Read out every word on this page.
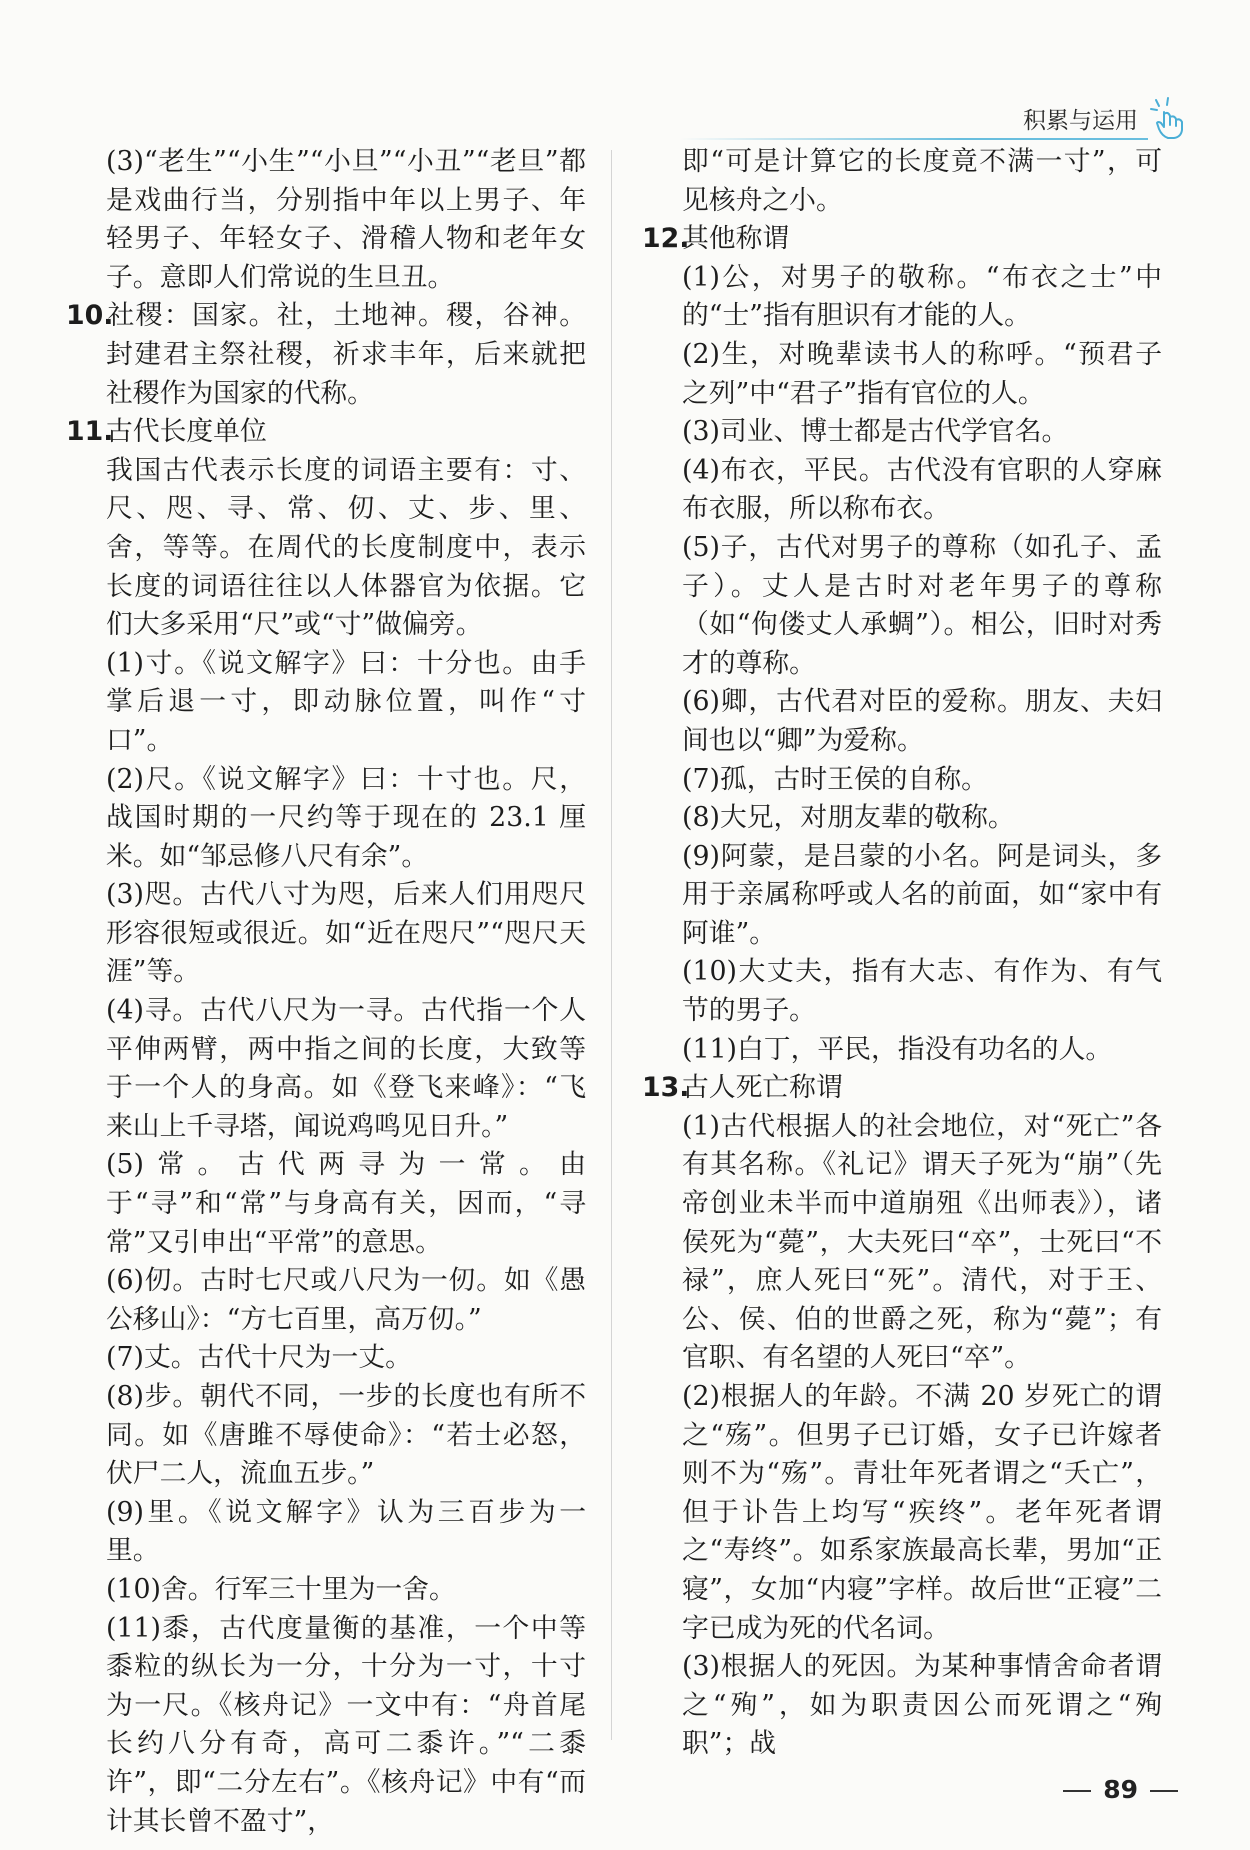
积累与运用

(3)“老生”“小生”“小旦”“小丑”“老旦”都是戏曲行当，分别指中年以上男子、年轻男子、年轻女子、滑稽人物和老年女子。意即人们常说的生旦丑。

10.社稷：国家。社，土地神。稷，谷神。封建君主祭社稷，祈求丰年，后来就把社稷作为国家的代称。

11.古代长度单位

我国古代表示长度的词语主要有：寸、尺、咫、寻、常、仞、丈、步、里、舍，等等。在周代的长度制度中，表示长度的词语往往以人体器官为依据。它们大多采用“尺”或“寸”做偏旁。

(1)寸。《说文解字》曰：十分也。由手掌后退一寸，即动脉位置，叫作“寸口”。

(2)尺。《说文解字》曰：十寸也。尺，战国时期的一尺约等于现在的 23.1 厘米。如“邹忌修八尺有余”。

(3)咫。古代八寸为咫，后来人们用咫尺形容很短或很近。如“近在咫尺”“咫尺天涯”等。

(4)寻。古代八尺为一寻。古代指一个人平伸两臂，两中指之间的长度，大致等于一个人的身高。如《登飞来峰》：“飞来山上千寻塔，闻说鸡鸣见日升。”

(5)常。古代两寻为一常。由于“寻”和“常”与身高有关，因而，“寻常”又引申出“平常”的意思。

(6)仞。古时七尺或八尺为一仞。如《愚公移山》：“方七百里，高万仞。”

(7)丈。古代十尺为一丈。

(8)步。朝代不同，一步的长度也有所不同。如《唐雎不辱使命》：“若士必怒，伏尸二人，流血五步。”

(9)里。《说文解字》认为三百步为一里。

(10)舍。行军三十里为一舍。

(11)黍，古代度量衡的基准，一个中等黍粒的纵长为一分，十分为一寸，十寸为一尺。《核舟记》一文中有：“舟首尾长约八分有奇，高可二黍许。”“二黍许”，即“二分左右”。《核舟记》中有“而计其长曾不盈寸”，

即“可是计算它的长度竟不满一寸”，可见核舟之小。

12.其他称谓

(1)公，对男子的敬称。“布衣之士”中的“士”指有胆识有才能的人。

(2)生，对晚辈读书人的称呼。“预君子之列”中“君子”指有官位的人。

(3)司业、博士都是古代学官名。

(4)布衣，平民。古代没有官职的人穿麻布衣服，所以称布衣。

(5)子，古代对男子的尊称（如孔子、孟子）。丈人是古时对老年男子的尊称（如“佝偻丈人承蜩”）。相公，旧时对秀才的尊称。

(6)卿，古代君对臣的爱称。朋友、夫妇间也以“卿”为爱称。

(7)孤，古时王侯的自称。

(8)大兄，对朋友辈的敬称。

(9)阿蒙，是吕蒙的小名。阿是词头，多用于亲属称呼或人名的前面，如“家中有阿谁”。

(10)大丈夫，指有大志、有作为、有气节的男子。

(11)白丁，平民，指没有功名的人。

13.古人死亡称谓

(1)古代根据人的社会地位，对“死亡”各有其名称。《礼记》谓天子死为“崩”（先帝创业未半而中道崩殂《出师表》），诸侯死为“薨”，大夫死曰“卒”，士死曰“不禄”，庶人死曰“死”。清代，对于王、公、侯、伯的世爵之死，称为“薨”；有官职、有名望的人死曰“卒”。

(2)根据人的年龄。不满 20 岁死亡的谓之“殇”。但男子已订婚，女子已许嫁者则不为“殇”。青壮年死者谓之“夭亡”，但于讣告上均写“疾终”。老年死者谓之“寿终”。如系家族最高长辈，男加“正寝”，女加“内寝”字样。故后世“正寝”二字已成为死的代名词。

(3)根据人的死因。为某种事情舍命者谓之“殉”，如为职责因公而死谓之“殉职”；战

89
